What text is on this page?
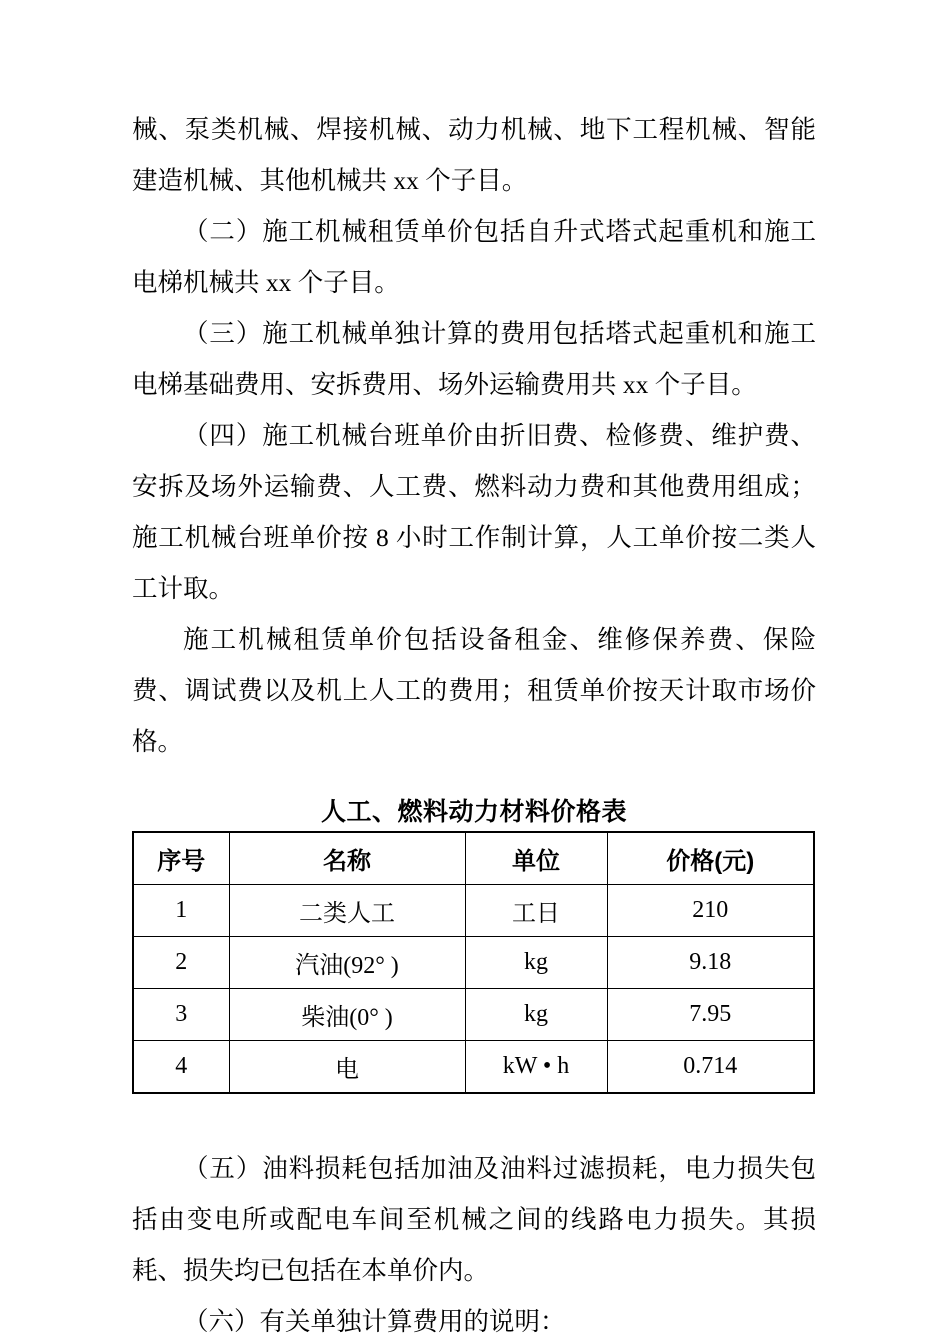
械、泵类机械、焊接机械、动力机械、地下工程机械、智能建造机械、其他机械共 xx 个子目。

（二）施工机械租赁单价包括自升式塔式起重机和施工电梯机械共 xx 个子目。

（三）施工机械单独计算的费用包括塔式起重机和施工电梯基础费用、安拆费用、场外运输费用共 xx 个子目。

（四）施工机械台班单价由折旧费、检修费、维护费、安拆及场外运输费、人工费、燃料动力费和其他费用组成；施工机械台班单价按 8 小时工作制计算，人工单价按二类人工计取。

施工机械租赁单价包括设备租金、维修保养费、保险费、调试费以及机上人工的费用；租赁单价按天计取市场价格。

人工、燃料动力材料价格表
序号	名称	单位	价格(元)
1	二类人工	工日	210
2	汽油(92° )	kg	9.18
3	柴油(0° )	kg	7.95
4	电	kW • h	0.714

（五）油料损耗包括加油及油料过滤损耗，电力损失包括由变电所或配电车间至机械之间的线路电力损失。其损耗、损失均已包括在本单价内。

（六）有关单独计算费用的说明：
